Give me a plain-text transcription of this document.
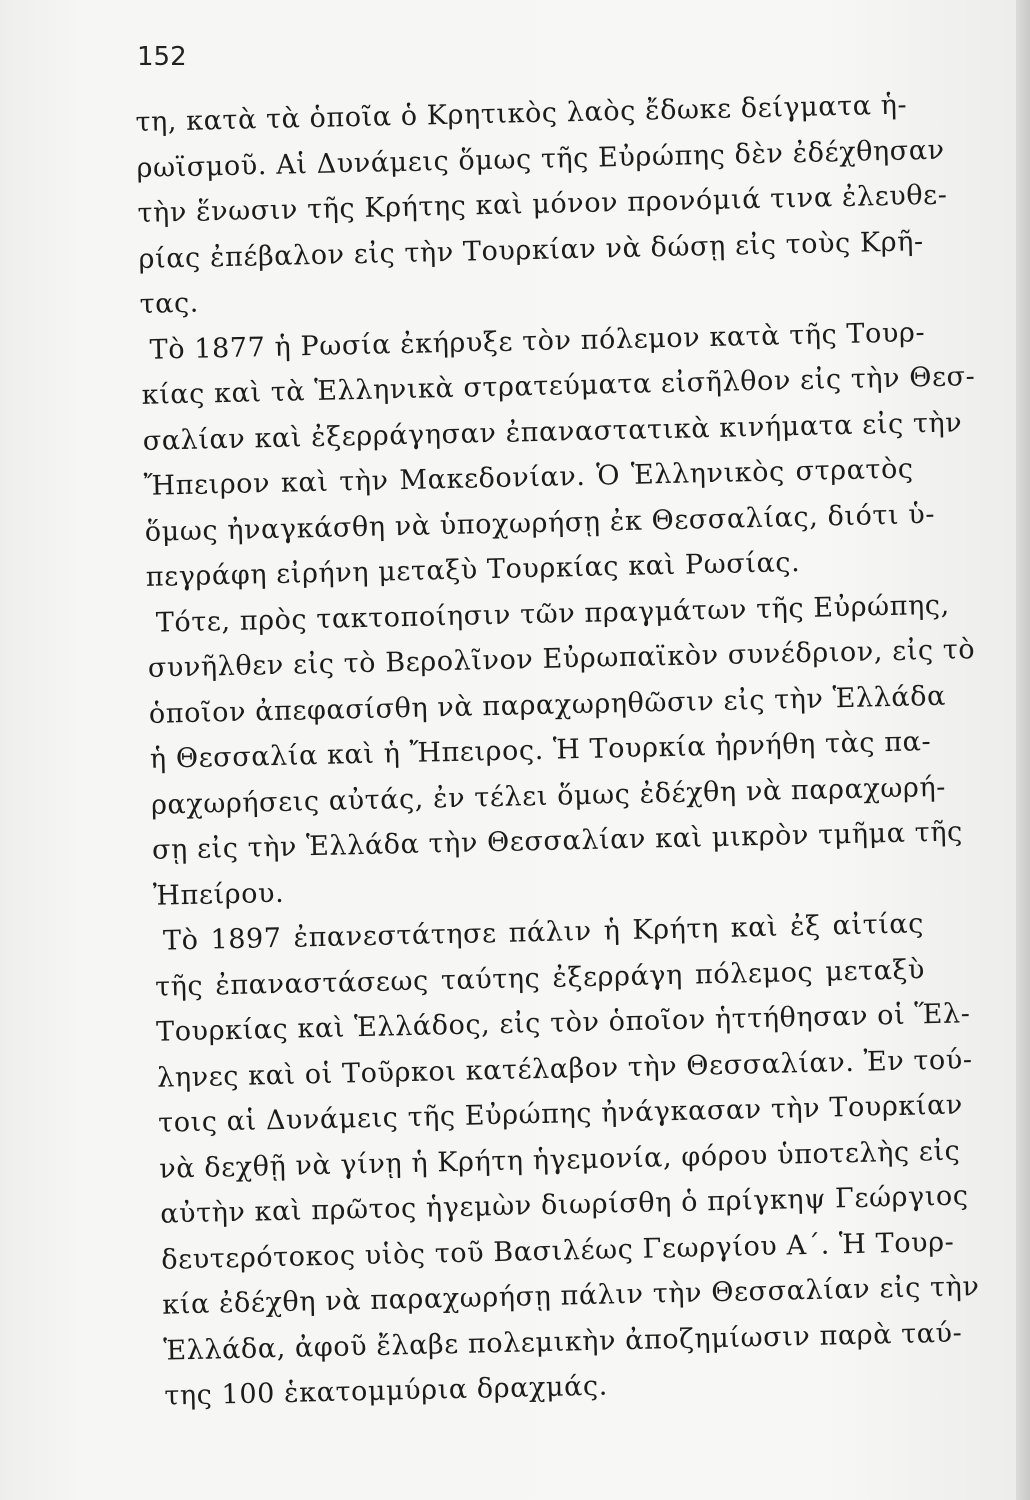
152
τη, κατὰ τὰ ὁποῖα ὁ Κρητικὸς λαὸς ἔδωκε δείγματα ἡ-
ρωϊσμοῦ. Αἱ Δυνάμεις ὅμως τῆς Εὐρώπης δὲν ἐδέχθησαν
τὴν ἕνωσιν τῆς Κρήτης καὶ μόνον προνόμιά τινα ἐλευθε-
ρίας ἐπέβαλον εἰς τὴν Τουρκίαν νὰ δώσῃ εἰς τοὺς Κρῆ-
τας.
Τὸ 1877 ἡ Ρωσία ἐκήρυξε τὸν πόλεμον κατὰ τῆς Τουρ-
κίας καὶ τὰ Ἑλληνικὰ στρατεύματα εἰσῆλθον εἰς τὴν Θεσ-
σαλίαν καὶ ἐξερράγησαν ἐπαναστατικὰ κινήματα εἰς τὴν
Ἤπειρον καὶ τὴν Μακεδονίαν. Ὁ Ἑλληνικὸς στρατὸς
ὅμως ἠναγκάσθη νὰ ὑποχωρήσῃ ἐκ Θεσσαλίας, διότι ὑ-
πεγράφη εἰρήνη μεταξὺ Τουρκίας καὶ Ρωσίας.
Τότε, πρὸς τακτοποίησιν τῶν πραγμάτων τῆς Εὐρώπης,
συνῆλθεν εἰς τὸ Βερολῖνον Εὐρωπαϊκὸν συνέδριον, εἰς τὸ
ὁποῖον ἀπεφασίσθη νὰ παραχωρηθῶσιν εἰς τὴν Ἑλλάδα
ἡ Θεσσαλία καὶ ἡ Ἤπειρος. Ἡ Τουρκία ἠρνήθη τὰς πα-
ραχωρήσεις αὐτάς, ἐν τέλει ὅμως ἐδέχθη νὰ παραχωρή-
σῃ εἰς τὴν Ἑλλάδα τὴν Θεσσαλίαν καὶ μικρὸν τμῆμα τῆς
Ἠπείρου.
Τὸ 1897 ἐπανεστάτησε πάλιν ἡ Κρήτη καὶ ἐξ αἰτίας
τῆς ἐπαναστάσεως ταύτης ἐξερράγη πόλεμος μεταξὺ
Τουρκίας καὶ Ἑλλάδος, εἰς τὸν ὁποῖον ἡττήθησαν οἱ Ἕλ-
ληνες καὶ οἱ Τοῦρκοι κατέλαβον τὴν Θεσσαλίαν. Ἐν τού-
τοις αἱ Δυνάμεις τῆς Εὐρώπης ἠνάγκασαν τὴν Τουρκίαν
νὰ δεχθῇ νὰ γίνῃ ἡ Κρήτη ἡγεμονία, φόρου ὑποτελὴς εἰς
αὐτὴν καὶ πρῶτος ἡγεμὼν διωρίσθη ὁ πρίγκηψ Γεώργιος
δευτερότοκος υἱὸς τοῦ Βασιλέως Γεωργίου Α΄. Ἡ Τουρ-
κία ἐδέχθη νὰ παραχωρήσῃ πάλιν τὴν Θεσσαλίαν εἰς τὴν
Ἑλλάδα, ἀφοῦ ἔλαβε πολεμικὴν ἀποζημίωσιν παρὰ ταύ-
της 100 ἑκατομμύρια δραχμάς.
